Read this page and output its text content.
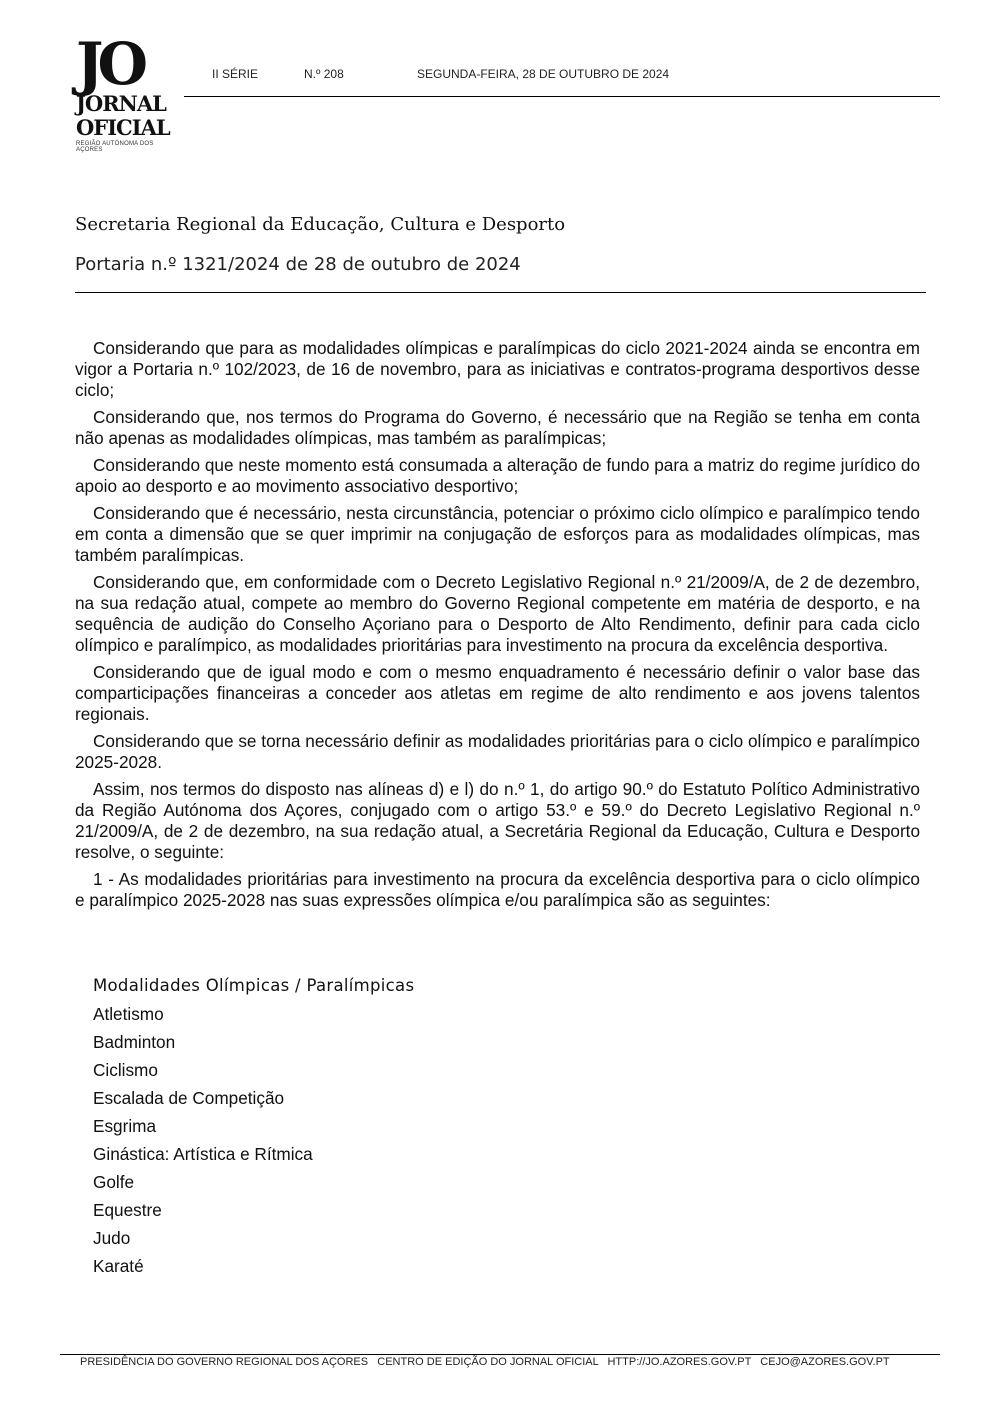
JO
JORNAL
OFICIAL
REGIÃO AUTÓNOMA DOS AÇORES
II SÉRIE	N.º 208	SEGUNDA-FEIRA, 28 DE OUTUBRO DE 2024
Secretaria Regional da Educação, Cultura e Desporto
Portaria n.º 1321/2024 de 28 de outubro de 2024

Considerando que para as modalidades olímpicas e paralímpicas do ciclo 2021-2024 ainda se encontra em vigor a Portaria n.º 102/2023, de 16 de novembro, para as iniciativas e contratos-programa desportivos desse ciclo;

Considerando que, nos termos do Programa do Governo, é necessário que na Região se tenha em conta não apenas as modalidades olímpicas, mas também as paralímpicas;

Considerando que neste momento está consumada a alteração de fundo para a matriz do regime jurídico do apoio ao desporto e ao movimento associativo desportivo;

Considerando que é necessário, nesta circunstância, potenciar o próximo ciclo olímpico e paralímpico tendo em conta a dimensão que se quer imprimir na conjugação de esforços para as modalidades olímpicas, mas também paralímpicas.

Considerando que, em conformidade com o Decreto Legislativo Regional n.º 21/2009/A, de 2 de dezembro, na sua redação atual, compete ao membro do Governo Regional competente em matéria de desporto, e na sequência de audição do Conselho Açoriano para o Desporto de Alto Rendimento, definir para cada ciclo olímpico e paralímpico, as modalidades prioritárias para investimento na procura da excelência desportiva.

Considerando que de igual modo e com o mesmo enquadramento é necessário definir o valor base das comparticipações financeiras a conceder aos atletas em regime de alto rendimento e aos jovens talentos regionais.

Considerando que se torna necessário definir as modalidades prioritárias para o ciclo olímpico e paralímpico 2025-2028.

Assim, nos termos do disposto nas alíneas d) e l) do n.º 1, do artigo 90.º do Estatuto Político Administrativo da Região Autónoma dos Açores, conjugado com o artigo 53.º e 59.º do Decreto Legislativo Regional n.º 21/2009/A, de 2 de dezembro, na sua redação atual, a Secretária Regional da Educação, Cultura e Desporto resolve, o seguinte:

1 - As modalidades prioritárias para investimento na procura da excelência desportiva para o ciclo olímpico e paralímpico 2025-2028 nas suas expressões olímpica e/ou paralímpica são as seguintes:

Modalidades Olímpicas / Paralímpicas
Atletismo
Badminton
Ciclismo
Escalada de Competição
Esgrima
Ginástica: Artística e Rítmica
Golfe
Equestre
Judo
Karaté
PRESIDÊNCIA DO GOVERNO REGIONAL DOS AÇORES   CENTRO DE EDIÇÃO DO JORNAL OFICIAL   HTTP://JO.AZORES.GOV.PT   CEJO@AZORES.GOV.PT
